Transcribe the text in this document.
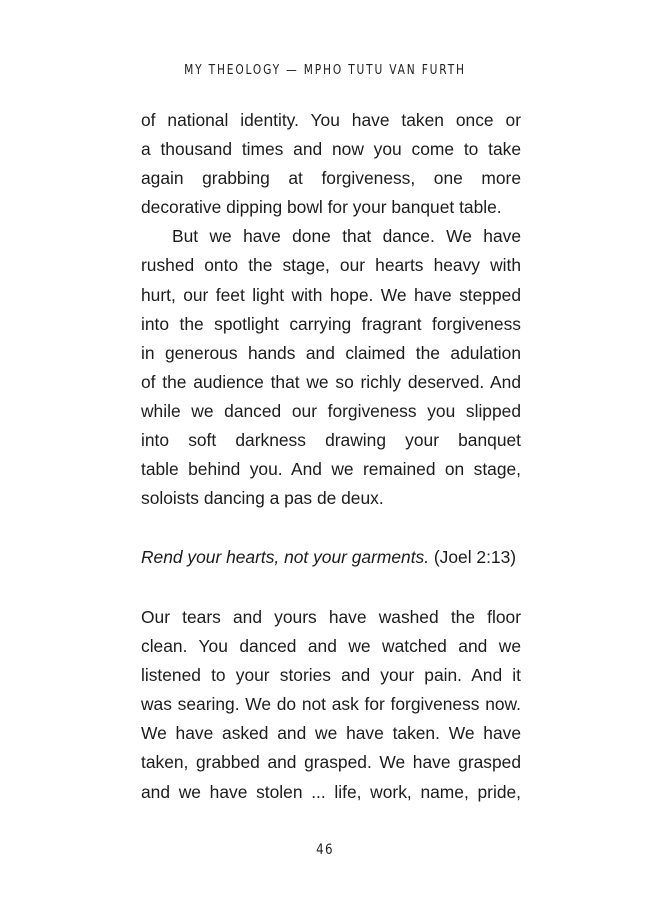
MY THEOLOGY — MPHO TUTU VAN FURTH
of national identity. You have taken once or
a thousand times and now you come to take
again grabbing at forgiveness, one more
decorative dipping bowl for your banquet table.
But we have done that dance. We have
rushed onto the stage, our hearts heavy with
hurt, our feet light with hope. We have stepped
into the spotlight carrying fragrant forgiveness
in generous hands and claimed the adulation
of the audience that we so richly deserved. And
while we danced our forgiveness you slipped
into soft darkness drawing your banquet
table behind you. And we remained on stage,
soloists dancing a pas de deux.
Rend your hearts, not your garments. (Joel 2:13)
Our tears and yours have washed the floor
clean. You danced and we watched and we
listened to your stories and your pain. And it
was searing. We do not ask for forgiveness now.
We have asked and we have taken. We have
taken, grabbed and grasped. We have grasped
and we have stolen ... life, work, name, pride,
46
